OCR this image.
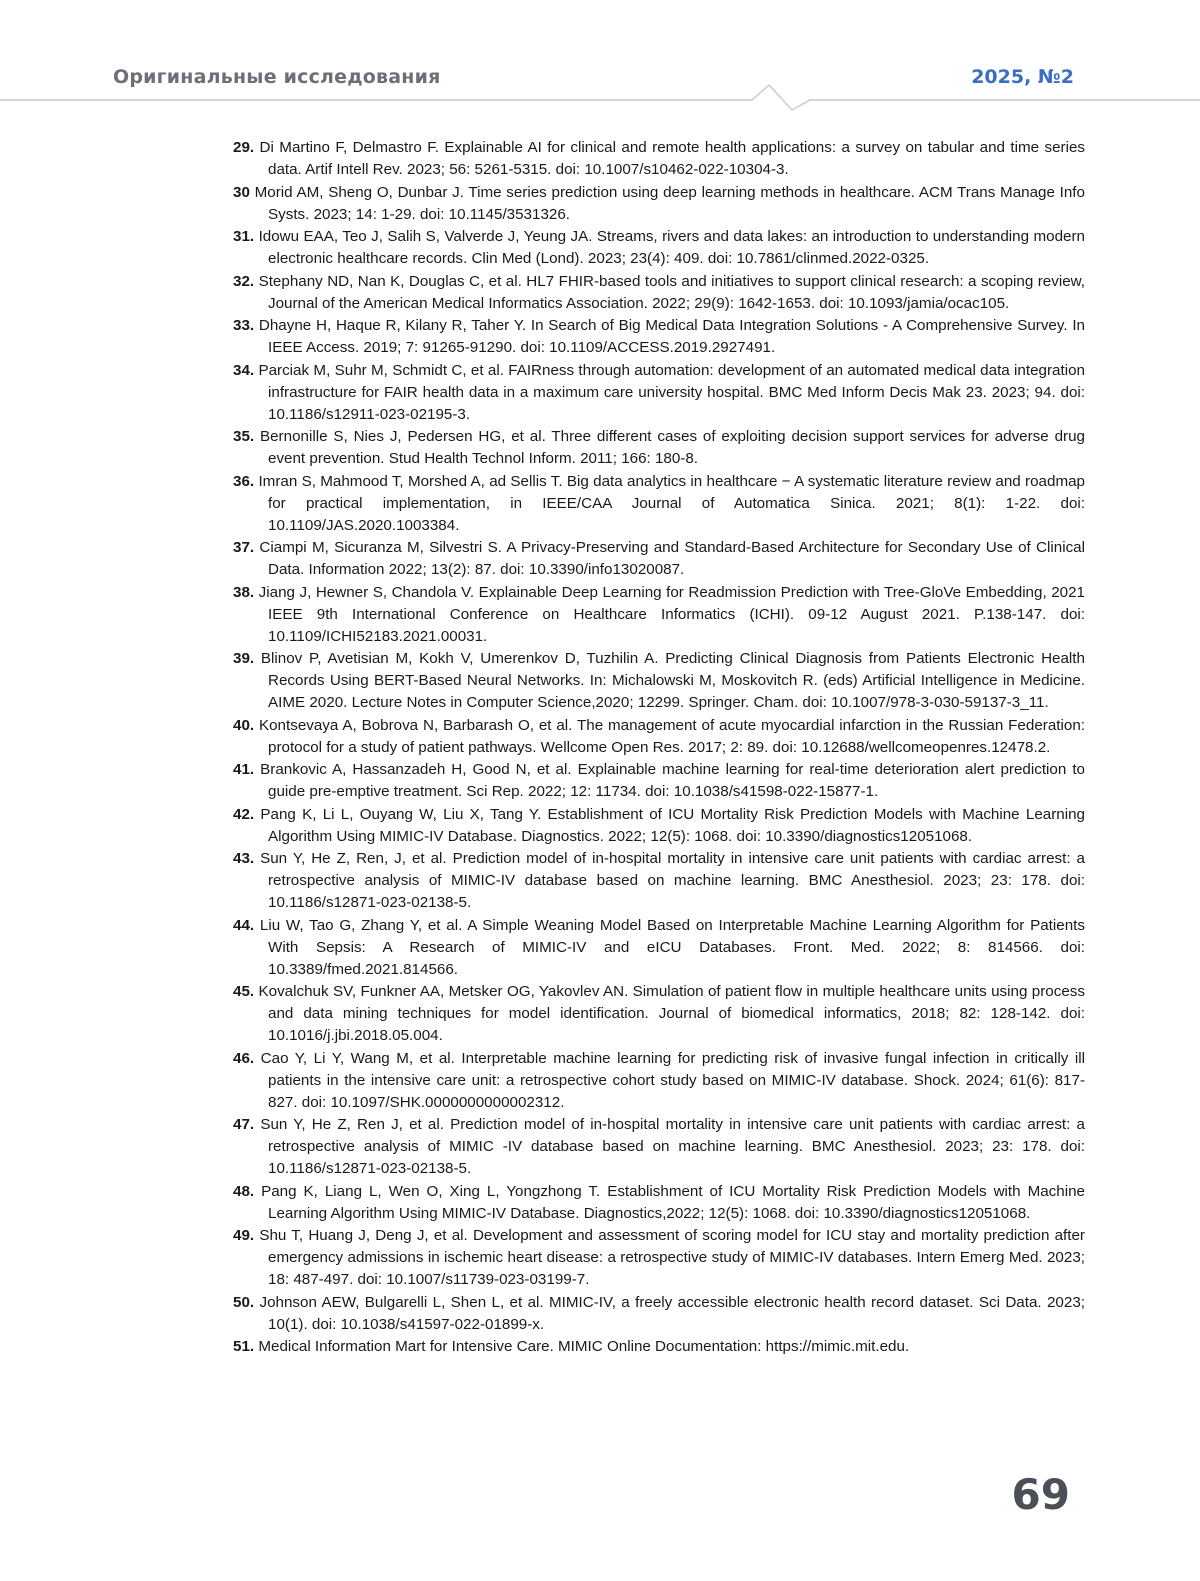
Оригинальные исследования	2025, №2
29. Di Martino F, Delmastro F. Explainable AI for clinical and remote health applications: a survey on tabular and time series data. Artif Intell Rev. 2023; 56: 5261-5315. doi: 10.1007/s10462-022-10304-3.
30 Morid AM, Sheng O, Dunbar J. Time series prediction using deep learning methods in healthcare. ACM Trans Manage Info Systs. 2023; 14: 1-29. doi: 10.1145/3531326.
31. Idowu EAA, Teo J, Salih S, Valverde J, Yeung JA. Streams, rivers and data lakes: an introduction to understanding modern electronic healthcare records. Clin Med (Lond). 2023; 23(4): 409. doi: 10.7861/clinmed.2022-0325.
32. Stephany ND, Nan K, Douglas C, et al. HL7 FHIR-based tools and initiatives to support clinical research: a scoping review, Journal of the American Medical Informatics Association. 2022; 29(9): 1642-1653. doi: 10.1093/jamia/ocac105.
33. Dhayne H, Haque R, Kilany R, Taher Y. In Search of Big Medical Data Integration Solutions - A Comprehensive Survey. In IEEE Access. 2019; 7: 91265-91290. doi: 10.1109/ACCESS.2019.2927491.
34. Parciak M, Suhr M, Schmidt C, et al. FAIRness through automation: development of an automated medical data integration infrastructure for FAIR health data in a maximum care university hospital. BMC Med Inform Decis Mak 23. 2023; 94. doi: 10.1186/s12911-023-02195-3.
35. Bernonille S, Nies J, Pedersen HG, et al. Three different cases of exploiting decision support services for adverse drug event prevention. Stud Health Technol Inform. 2011; 166: 180-8.
36. Imran S, Mahmood T, Morshed A, ad Sellis T. Big data analytics in healthcare − A systematic literature review and roadmap for practical implementation, in IEEE/CAA Journal of Automatica Sinica. 2021; 8(1): 1-22. doi: 10.1109/JAS.2020.1003384.
37. Ciampi M, Sicuranza M, Silvestri S. A Privacy-Preserving and Standard-Based Architecture for Secondary Use of Clinical Data. Information 2022; 13(2): 87. doi: 10.3390/info13020087.
38. Jiang J, Hewner S, Chandola V. Explainable Deep Learning for Readmission Prediction with Tree-GloVe Embedding, 2021 IEEE 9th International Conference on Healthcare Informatics (ICHI). 09-12 August 2021. P.138-147. doi: 10.1109/ICHI52183.2021.00031.
39. Blinov P, Avetisian M, Kokh V, Umerenkov D, Tuzhilin A. Predicting Clinical Diagnosis from Patients Electronic Health Records Using BERT-Based Neural Networks. In: Michalowski M, Moskovitch R. (eds) Artificial Intelligence in Medicine. AIME 2020. Lecture Notes in Computer Science,2020; 12299. Springer. Cham. doi: 10.1007/978-3-030-59137-3_11.
40. Kontsevaya A, Bobrova N, Barbarash O, et al. The management of acute myocardial infarction in the Russian Federation: protocol for a study of patient pathways. Wellcome Open Res. 2017; 2: 89. doi: 10.12688/wellcomeopenres.12478.2.
41. Brankovic A, Hassanzadeh H, Good N, et al. Explainable machine learning for real-time deterioration alert prediction to guide pre-emptive treatment. Sci Rep. 2022; 12: 11734. doi: 10.1038/s41598-022-15877-1.
42. Pang K, Li L, Ouyang W, Liu X, Tang Y. Establishment of ICU Mortality Risk Prediction Models with Machine Learning Algorithm Using MIMIC-IV Database. Diagnostics. 2022; 12(5): 1068. doi: 10.3390/diagnostics12051068.
43. Sun Y, He Z, Ren, J, et al. Prediction model of in-hospital mortality in intensive care unit patients with cardiac arrest: a retrospective analysis of MIMIC-IV database based on machine learning. BMC Anesthesiol. 2023; 23: 178. doi: 10.1186/s12871-023-02138-5.
44. Liu W, Tao G, Zhang Y, et al. A Simple Weaning Model Based on Interpretable Machine Learning Algorithm for Patients With Sepsis: A Research of MIMIC-IV and eICU Databases. Front. Med. 2022; 8: 814566. doi: 10.3389/fmed.2021.814566.
45. Kovalchuk SV, Funkner AA, Metsker OG, Yakovlev AN. Simulation of patient flow in multiple healthcare units using process and data mining techniques for model identification. Journal of biomedical informatics, 2018; 82: 128-142. doi: 10.1016/j.jbi.2018.05.004.
46. Cao Y, Li Y, Wang M, et al. Interpretable machine learning for predicting risk of invasive fungal infection in critically ill patients in the intensive care unit: a retrospective cohort study based on MIMIC-IV database. Shock. 2024; 61(6): 817-827. doi: 10.1097/SHK.0000000000002312.
47. Sun Y, He Z, Ren J, et al. Prediction model of in-hospital mortality in intensive care unit patients with cardiac arrest: a retrospective analysis of MIMIC -IV database based on machine learning. BMC Anesthesiol. 2023; 23: 178. doi: 10.1186/s12871-023-02138-5.
48. Pang K, Liang L, Wen O, Xing L, Yongzhong T. Establishment of ICU Mortality Risk Prediction Models with Machine Learning Algorithm Using MIMIC-IV Database. Diagnostics,2022; 12(5): 1068. doi: 10.3390/diagnostics12051068.
49. Shu T, Huang J, Deng J, et al. Development and assessment of scoring model for ICU stay and mortality prediction after emergency admissions in ischemic heart disease: a retrospective study of MIMIC-IV databases. Intern Emerg Med. 2023; 18: 487-497. doi: 10.1007/s11739-023-03199-7.
50. Johnson AEW, Bulgarelli L, Shen L, et al. MIMIC-IV, a freely accessible electronic health record dataset. Sci Data. 2023; 10(1). doi: 10.1038/s41597-022-01899-x.
51. Medical Information Mart for Intensive Care. MIMIC Online Documentation: https://mimic.mit.edu.
69
